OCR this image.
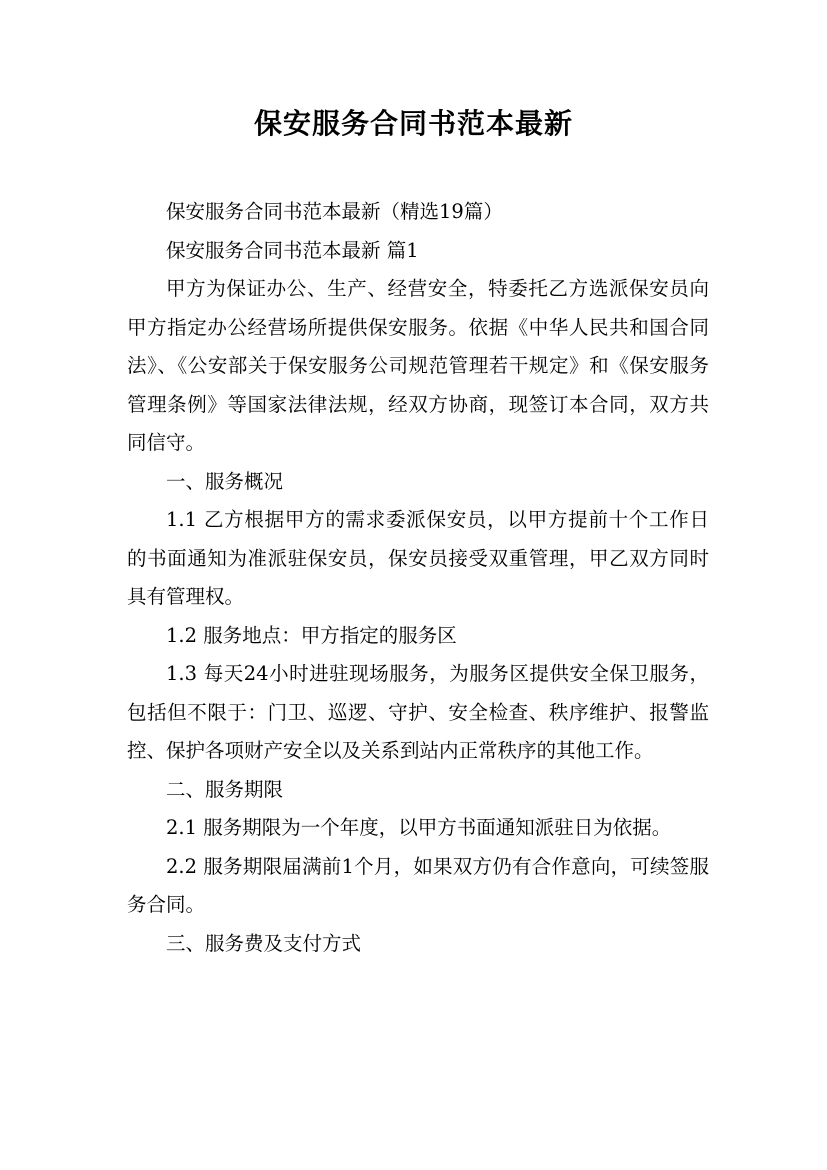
保安服务合同书范本最新

保安服务合同书范本最新（精选19篇）

保安服务合同书范本最新 篇1

甲方为保证办公、生产、经营安全，特委托乙方选派保安员向甲方指定办公经营场所提供保安服务。依据《中华人民共和国合同法》、《公安部关于保安服务公司规范管理若干规定》和《保安服务管理条例》等国家法律法规，经双方协商，现签订本合同，双方共同信守。

一、服务概况

1.1 乙方根据甲方的需求委派保安员，以甲方提前十个工作日的书面通知为准派驻保安员，保安员接受双重管理，甲乙双方同时具有管理权。

1.2 服务地点：甲方指定的服务区

1.3 每天24小时进驻现场服务，为服务区提供安全保卫服务，包括但不限于：门卫、巡逻、守护、安全检查、秩序维护、报警监控、保护各项财产安全以及关系到站内正常秩序的其他工作。

二、服务期限

2.1 服务期限为一个年度，以甲方书面通知派驻日为依据。

2.2 服务期限届满前1个月，如果双方仍有合作意向，可续签服务合同。

三、服务费及支付方式
